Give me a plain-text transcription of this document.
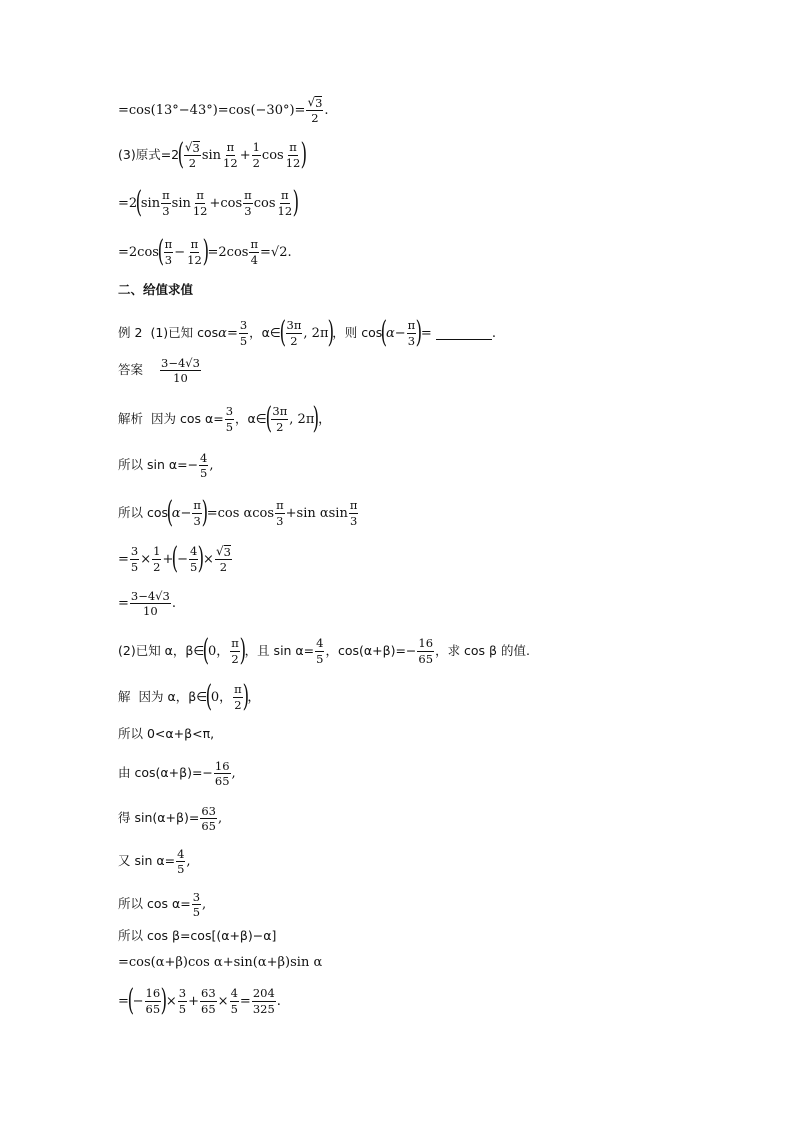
$=\cos(13^\circ-43^\circ)=\cos(-30^\circ)= \frac{√ 3}{2}$ .
(3)原式=2
( $\frac{√ 3}{2}$ $\sin \frac{\pi}{12} + \frac{1}{2}$ $\cos \frac{\pi}{12}$ )
=2
(
$\sin \frac{\pi}{3}$ $\sin \frac{\pi}{12} +\cos \frac{\pi}{3}$ $\cos \frac{\pi}{12}$ )
=2cos
( $\frac{\pi}{3} - \frac{\pi}{12}$ )
$=2\cos \frac{\pi}{4} =√2$.
二、给值求值
例 2 (1)已知 $\cos \alpha = \frac{3}{5}$ ，α∈
( $\frac{3\pi}{2}$ , 2π
)
，则 cos
(
$\alpha - \frac{\pi}{3}$ )
=	.
答案 $\frac{3-4√3}{10}$
解析 因为 $\cos \alpha= \frac{3}{5}$ ，α∈
( $\frac{3\pi}{2}$ , 2π
)
，
所以 $\sin \alpha=- \frac{4}{5}$ ,
所以 cos
(
$\alpha- \frac{\pi}{3}$ )
=cos αcos $\frac{\pi}{3} +\sin$ αsin $\frac{\pi}{3}$
= $\frac{3}{5} \times \frac{1}{2}$ +
(
− $\frac{4}{5}$ )
× $\frac{√ 3}{2}$
= $\frac{3-4√3}{10}$ .
(2)已知 α，β∈
(
0， $\frac{\pi}{2}$ )
，且 $\sin \alpha= \frac{4}{5}$ ，$\cos(\alpha+\beta)=- \frac{16}{65}$ ，求 cos β 的值.
解 因为 α，β∈
(
0， $\frac{\pi}{2}$ )
，
所以 0<α+β<π,
由 $\cos(\alpha+\beta)=- \frac{16}{65}$ ,
得 $\sin(\alpha+\beta)= \frac{63}{65}$ ,
又 $\sin \alpha= \frac{4}{5}$ ,
所以 $\cos \alpha= \frac{3}{5}$ ,
所以 cos β=cos[(α+β)−α]
=cos(α+β)cos α+sin(α+β)sin α
=
(
− $\frac{16}{65}$ )
× $\frac{3}{5} + \frac{63}{65} \times \frac{4}{5} = \frac{204}{325}$ .
